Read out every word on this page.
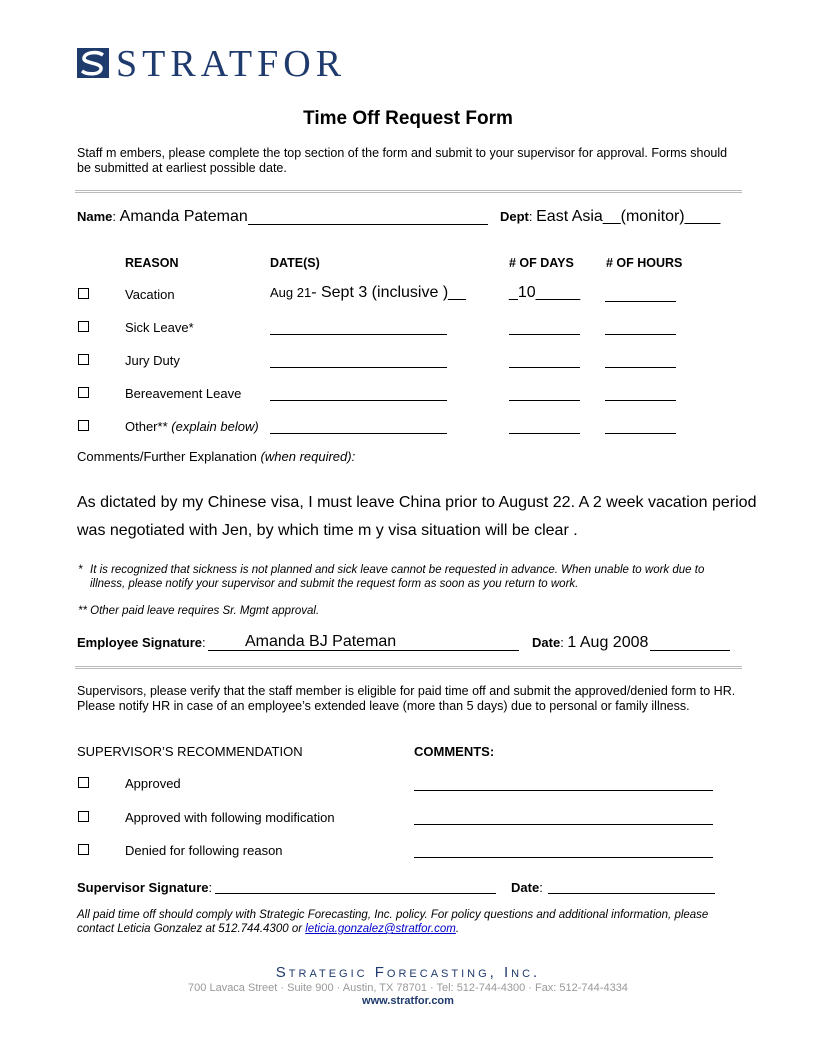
STRATFOR
Time Off Request Form
Staff m embers, please complete the top section of the form and submit to your supervisor for approval. Forms should be submitted at earliest possible date.
Name: Amanda Pateman	Dept: East Asia__(monitor)____
REASON	DATE(S)	# OF DAYS	# OF HOURS
Vacation	Aug 21- Sept 3 (inclusive )__	_10_____
Sick Leave*
Jury Duty
Bereavement Leave
Other** (explain below)
Comments/Further Explanation (when required):
As dictated by my Chinese visa, I must leave China prior to August 22. A 2 week vacation period was negotiated with Jen, by which time m y visa situation will be clear .
* It is recognized that sickness is not planned and sick leave cannot be requested in advance. When unable to work due to illness, please notify your supervisor and submit the request form as soon as you return to work.
** Other paid leave requires Sr. Mgmt approval.
Employee Signature: Amanda BJ Pateman	Date: 1 Aug 2008
Supervisors, please verify that the staff member is eligible for paid time off and submit the approved/denied form to HR. Please notify HR in case of an employee’s extended leave (more than 5 days) due to personal or family illness.
SUPERVISOR’S RECOMMENDATION	COMMENTS:
Approved
Approved with following modification
Denied for following reason
Supervisor Signature:	Date:
All paid time off should comply with Strategic Forecasting, Inc. policy. For policy questions and additional information, please contact Leticia Gonzalez at 512.744.4300 or leticia.gonzalez@stratfor.com.
Strategic Forecasting, Inc.
700 Lavaca Street · Suite 900 · Austin, TX 78701 · Tel: 512-744-4300 · Fax: 512-744-4334
www.stratfor.com
